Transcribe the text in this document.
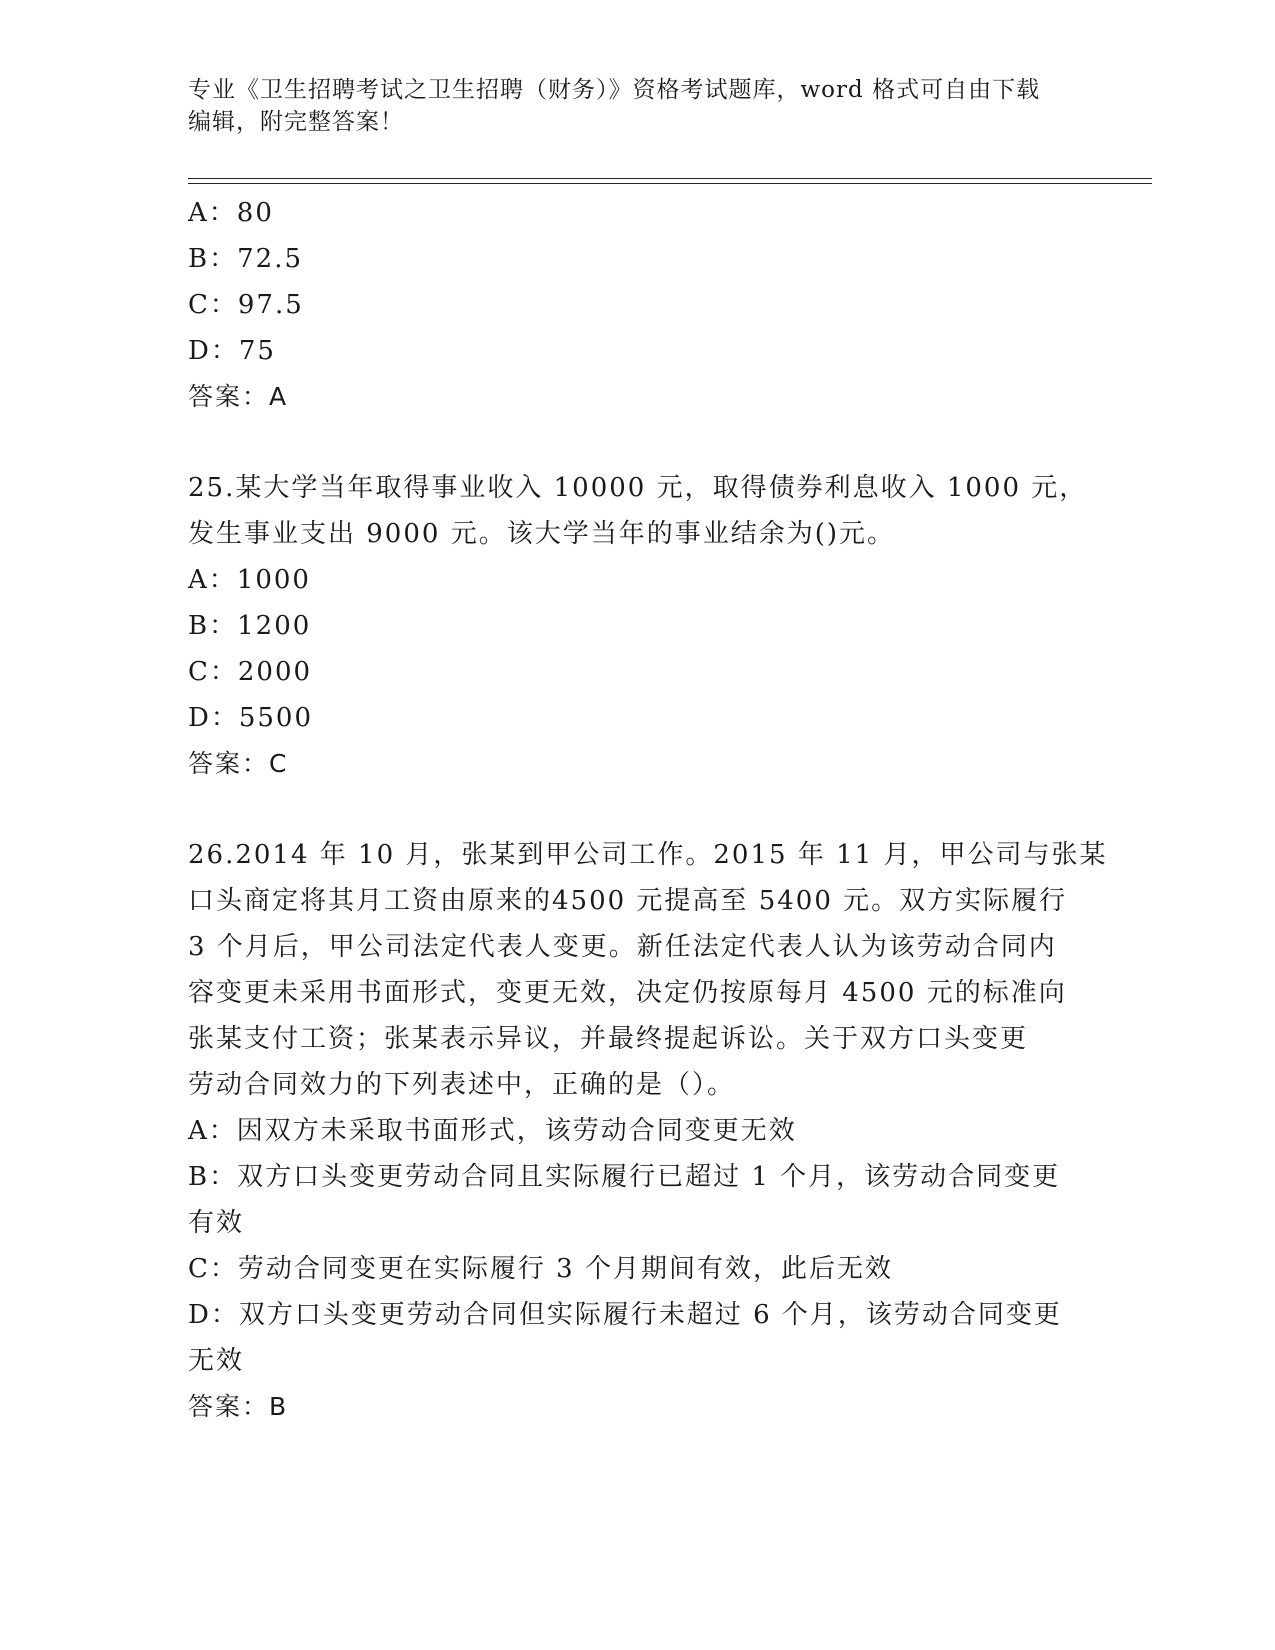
专业《卫生招聘考试之卫生招聘（财务）》资格考试题库，word 格式可自由下载
编辑，附完整答案！
A：80
B：72.5
C：97.5
D：75
答案：A
25.某大学当年取得事业收入 10000 元，取得债券利息收入 1000 元，
发生事业支出 9000 元。该大学当年的事业结余为()元。
A：1000
B：1200
C：2000
D：5500
答案：C
26.2014 年 10 月，张某到甲公司工作。2015 年 11 月，甲公司与张某
口头商定将其月工资由原来的4500 元提高至 5400 元。双方实际履行
3 个月后，甲公司法定代表人变更。新任法定代表人认为该劳动合同内
容变更未采用书面形式，变更无效，决定仍按原每月 4500 元的标准向
张某支付工资；张某表示异议，并最终提起诉讼。关于双方口头变更
劳动合同效力的下列表述中，正确的是（）。
A：因双方未采取书面形式，该劳动合同变更无效
B：双方口头变更劳动合同且实际履行已超过 1 个月，该劳动合同变更
有效
C：劳动合同变更在实际履行 3 个月期间有效，此后无效
D：双方口头变更劳动合同但实际履行未超过 6 个月，该劳动合同变更
无效
答案：B
